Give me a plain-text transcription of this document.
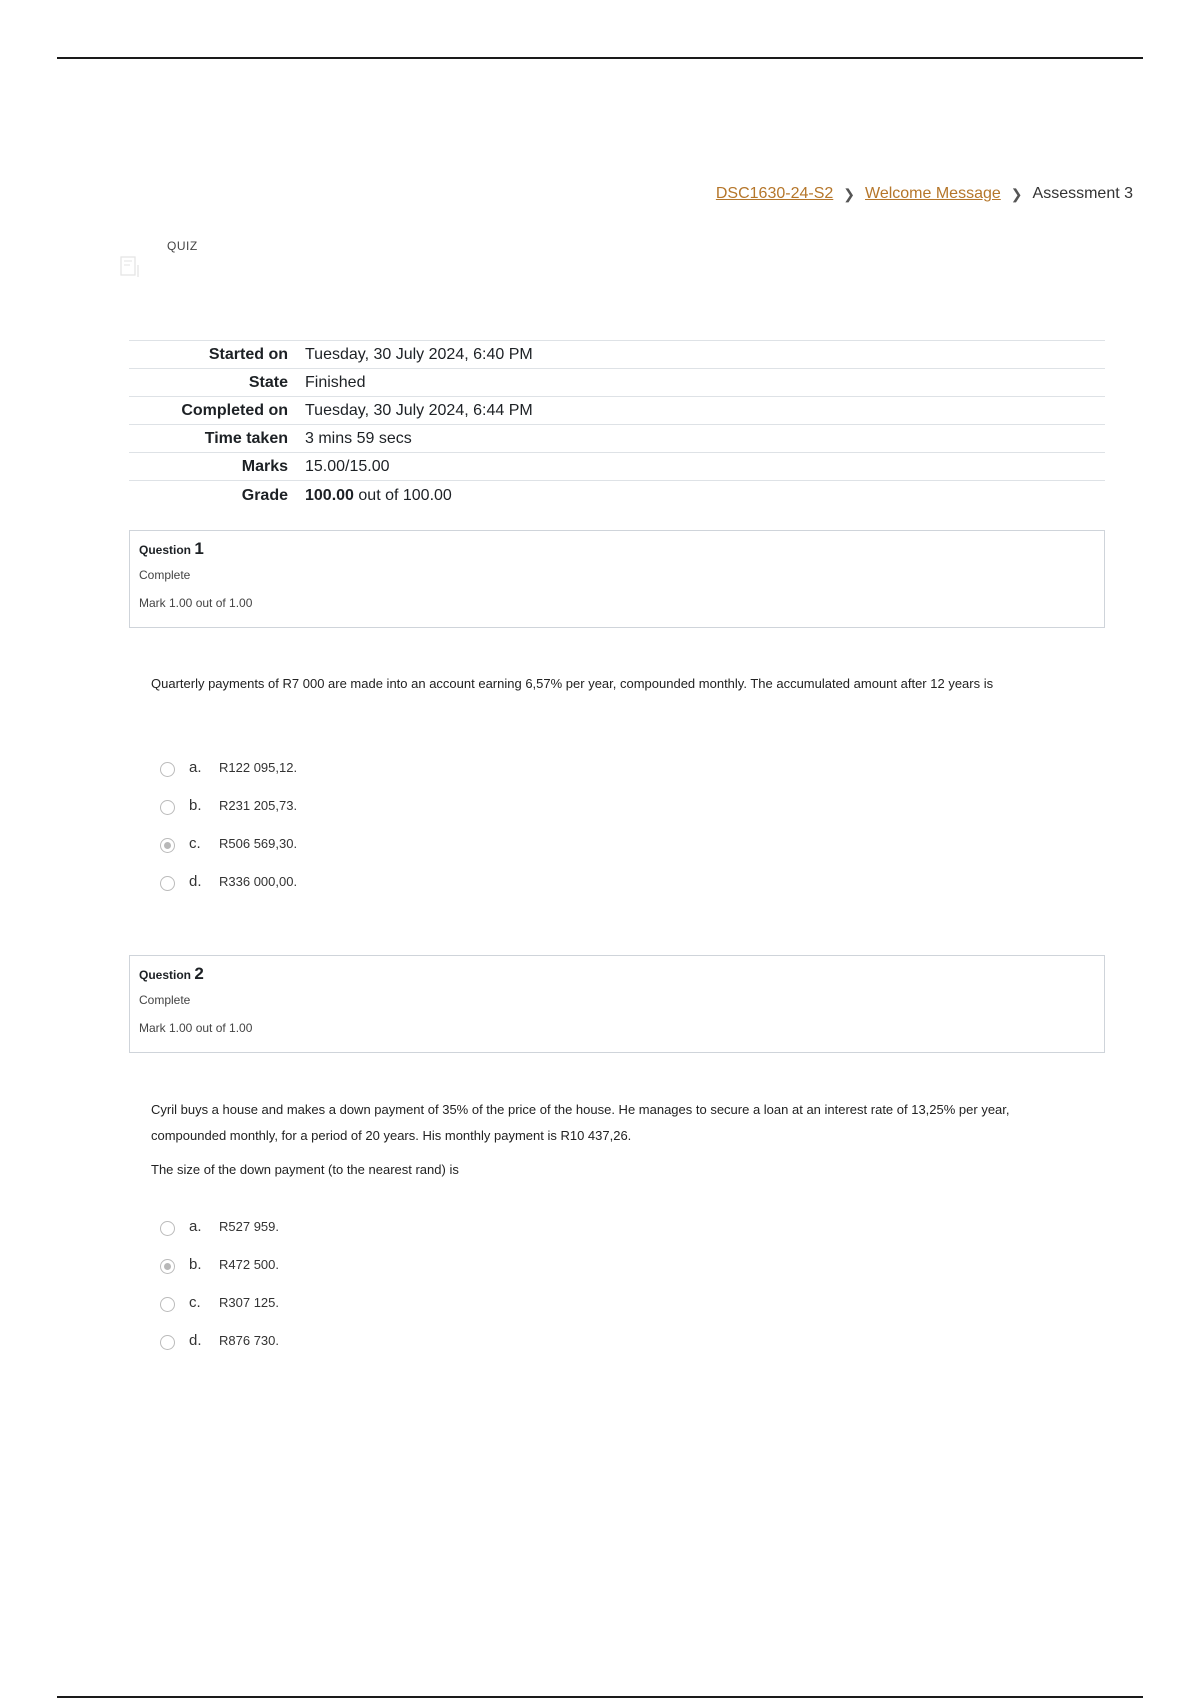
DSC1630-24-S2 ❯ Welcome Message ❯ Assessment 3
QUIZ
Started on	Tuesday, 30 July 2024, 6:40 PM
State	Finished
Completed on	Tuesday, 30 July 2024, 6:44 PM
Time taken	3 mins 59 secs
Marks	15.00/15.00
Grade	100.00 out of 100.00
Question 1
Complete
Mark 1.00 out of 1.00

Quarterly payments of R7 000 are made into an account earning 6,57% per year, compounded monthly. The accumulated amount after 12 years is

a.	R122 095,12.
b.	R231 205,73.
c.	R506 569,30.
d.	R336 000,00.
Question 2
Complete
Mark 1.00 out of 1.00

Cyril buys a house and makes a down payment of 35% of the price of the house. He manages to secure a loan at an interest rate of 13,25% per year, compounded monthly, for a period of 20 years. His monthly payment is R10 437,26.

The size of the down payment (to the nearest rand) is

a.	R527 959.
b.	R472 500.
c.	R307 125.
d.	R876 730.
